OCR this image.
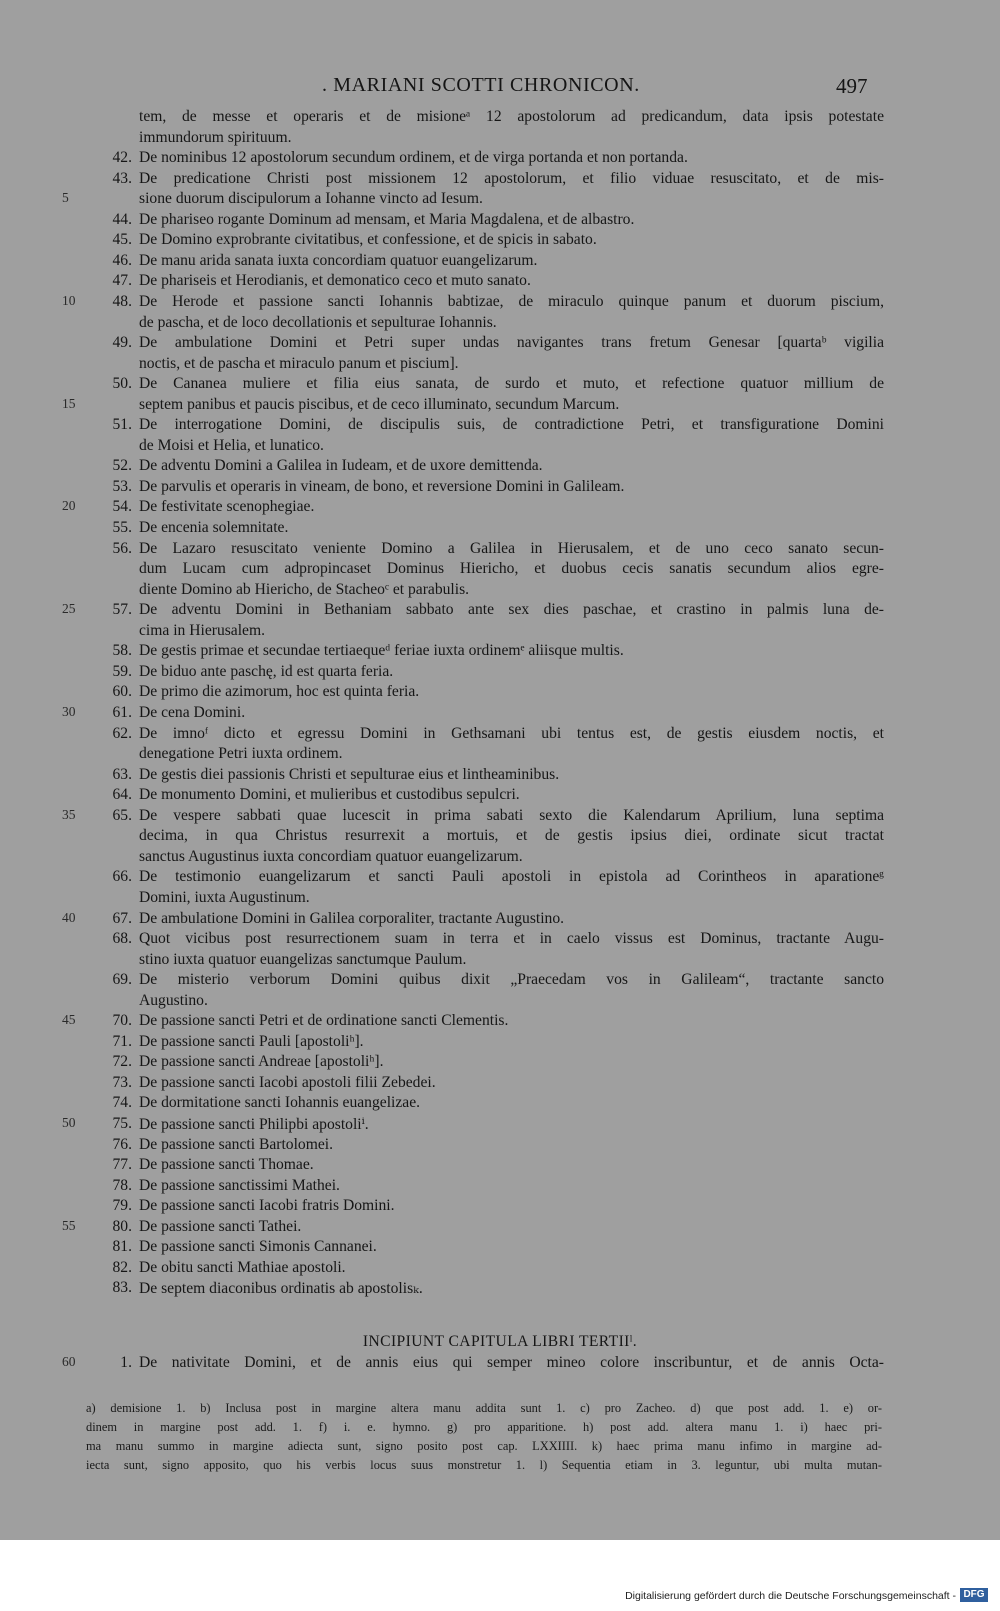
. MARIANI SCOTTI CHRONICON.	497
tem, de messe et operaris et de misioneᵃ 12 apostolorum ad predicandum, data ipsis potestate
immundorum spirituum.
42. De nominibus 12 apostolorum secundum ordinem, et de virga portanda et non portanda.
43. De predicatione Christi post missionem 12 apostolorum, et filio viduae resuscitato, et de mis-
5	sione duorum discipulorum a Iohanne vincto ad Iesum.
44. De phariseo rogante Dominum ad mensam, et Maria Magdalena, et de albastro.
45. De Domino exprobrante civitatibus, et confessione, et de spicis in sabato.
46. De manu arida sanata iuxta concordiam quatuor euangelizarum.
47. De phariseis et Herodianis, et demonatico ceco et muto sanato.
10	48. De Herode et passione sancti Iohannis babtizae, de miraculo quinque panum et duorum piscium,
de pascha, et de loco decollationis et sepulturae Iohannis.
49. De ambulatione Domini et Petri super undas navigantes trans fretum Genesar [quartaᵇ vigilia
noctis, et de pascha et miraculo panum et piscium].
50. De Cananea muliere et filia eius sanata, de surdo et muto, et refectione quatuor millium de
15	septem panibus et paucis piscibus, et de ceco illuminato, secundum Marcum.
51. De interrogatione Domini, de discipulis suis, de contradictione Petri, et transfiguratione Domini
de Moisi et Helia, et lunatico.
52. De adventu Domini a Galilea in Iudeam, et de uxore demittenda.
53. De parvulis et operaris in vineam, de bono, et reversione Domini in Galileam.
20	54. De festivitate scenophegiae.
55. De encenia solemnitate.
56. De Lazaro resuscitato veniente Domino a Galilea in Hierusalem, et de uno ceco sanato secun-
dum Lucam cum adpropincaset Dominus Hiericho, et duobus cecis sanatis secundum alios egre-
diente Domino ab Hiericho, de Stacheoᶜ et parabulis.
25	57. De adventu Domini in Bethaniam sabbato ante sex dies paschae, et crastino in palmis luna de-
cima in Hierusalem.
58. De gestis primae et secundae tertiaequeᵈ feriae iuxta ordinemᵉ aliisque multis.
59. De biduo ante paschę, id est quarta feria.
60. De primo die azimorum, hoc est quinta feria.
30	61. De cena Domini.
62. De imnoᶠ dicto et egressu Domini in Gethsamani ubi tentus est, de gestis eiusdem noctis, et
denegatione Petri iuxta ordinem.
63. De gestis diei passionis Christi et sepulturae eius et lintheaminibus.
64. De monumento Domini, et mulieribus et custodibus sepulcri.
35	65. De vespere sabbati quae lucescit in prima sabati sexto die Kalendarum Aprilium, luna septima
decima, in qua Christus resurrexit a mortuis, et de gestis ipsius diei, ordinate sicut tractat
sanctus Augustinus iuxta concordiam quatuor euangelizarum.
66. De testimonio euangelizarum et sancti Pauli apostoli in epistola ad Corintheos in aparationeᵍ
Domini, iuxta Augustinum.
40	67. De ambulatione Domini in Galilea corporaliter, tractante Augustino.
68. Quot vicibus post resurrectionem suam in terra et in caelo vissus est Dominus, tractante Augu-
stino iuxta quatuor euangelizas sanctumque Paulum.
69. De misterio verborum Domini quibus dixit „Praecedam vos in Galileam“, tractante sancto
Augustino.
45	70. De passione sancti Petri et de ordinatione sancti Clementis.
71. De passione sancti Pauli [apostoliʰ].
72. De passione sancti Andreae [apostoliʰ].
73. De passione sancti Iacobi apostoli filii Zebedei.
74. De dormitatione sancti Iohannis euangelizae.
50	75. De passione sancti Philipbi apostoliⁱ.
76. De passione sancti Bartolomei.
77. De passione sancti Thomae.
78. De passione sanctissimi Mathei.
79. De passione sancti Iacobi fratris Domini.
55	80. De passione sancti Tathei.
81. De passione sancti Simonis Cannanei.
82. De obitu sancti Mathiae apostoli.
83. De septem diaconibus ordinatis ab apostolisₖ.
INCIPIUNT CAPITULA LIBRI TERTIIˡ.
60	1. De nativitate Domini, et de annis eius qui semper mineo colore inscribuntur, et de annis Octa-
a) demisione 1. b) Inclusa post in margine altera manu addita sunt 1. c) pro Zacheo. d) que post add. 1. e) or-
dinem in margine post add. 1. f) i. e. hymno. g) pro apparitione. h) post add. altera manu 1. i) haec pri-
ma manu summo in margine adiecta sunt, signo posito post cap. LXXIIII. k) haec prima manu infimo in margine ad-
iecta sunt, signo apposito, quo his verbis locus suus monstretur 1. l) Sequentia etiam in 3. leguntur, ubi multa mutan-
Digitalisierung gefördert durch die Deutsche Forschungsgemeinschaft - DFG
